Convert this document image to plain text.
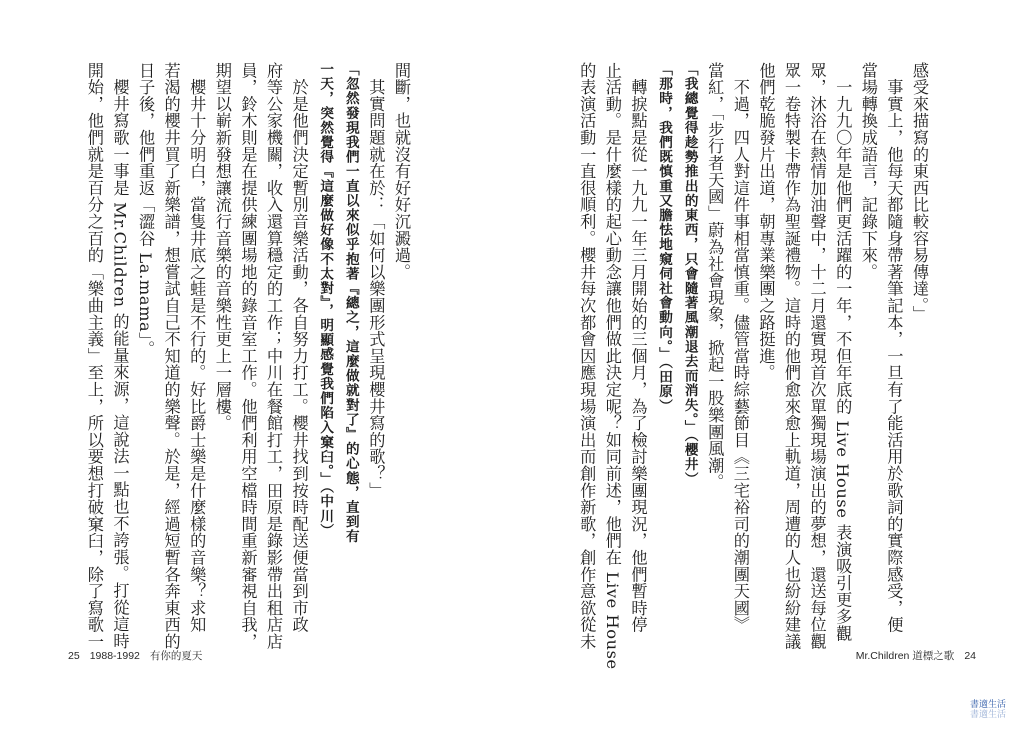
感受來描寫的東西比較容易傳達。」
　事實上，他每天都隨身帶著筆記本，一旦有了能活用於歌詞的實際感受，便
當場轉換成語言，記錄下來。
　一九九〇年是他們更活躍的一年，不但年底的 Live House 表演吸引更多觀
眾，沐浴在熱情加油聲中，十二月還實現首次單獨現場演出的夢想，還送每位觀
眾一卷特製卡帶作為聖誕禮物。這時的他們愈來愈上軌道，周遭的人也紛紛建議
他們乾脆發片出道，朝專業樂團之路挺進。
　不過，四人對這件事相當慎重。儘管當時綜藝節目《三宅裕司的潮團天國》
當紅，「步行者天國」蔚為社會現象，掀起一股樂團風潮。
「我總覺得趁勢推出的東西，只會隨著風潮退去而消失。」（櫻井）
「那時，我們既慎重又膽怯地窺伺社會動向。」（田原）
　轉捩點是從一九九一年三月開始的三個月，為了檢討樂團現況，他們暫時停
止活動。是什麼樣的起心動念讓他們做此決定呢？如同前述，他們在 Live House
的表演活動一直很順利。櫻井每次都會因應現場演出而創作新歌，創作意欲從未
Mr.Children 道標之歌 24
間斷，也就沒有好好沉澱過。
　其實問題就在於：「如何以樂團形式呈現櫻井寫的歌？」
「忽然發現我們一直以來似乎抱著『總之，這麼做就對了』的心態，直到有
一天，突然覺得『這麼做好像不太對』，明顯感覺我們陷入窠臼。」（中川）
　於是他們決定暫別音樂活動，各自努力打工。櫻井找到按時配送便當到市政
府等公家機關，收入還算穩定的工作；中川在餐館打工，田原是錄影帶出租店店
員，鈴木則是在提供練團場地的錄音室工作。他們利用空檔時間重新審視自我，
期望以嶄新發想讓流行音樂的音樂性更上一層樓。
　櫻井十分明白，當隻井底之蛙是不行的。好比爵士樂是什麼樣的音樂？求知
若渴的櫻井買了新樂譜，想嘗試自己不知道的樂聲。於是，經過短暫各奔東西的
日子後，他們重返「澀谷 La.mama」。
　櫻井寫歌一事是 Mr.Children 的能量來源，這說法一點也不誇張。打從這時
開始，他們就是百分之百的「樂曲主義」至上，所以要想打破窠臼，除了寫歌一
25 1988-1992 有你的夏天
書適生活
書適生活
